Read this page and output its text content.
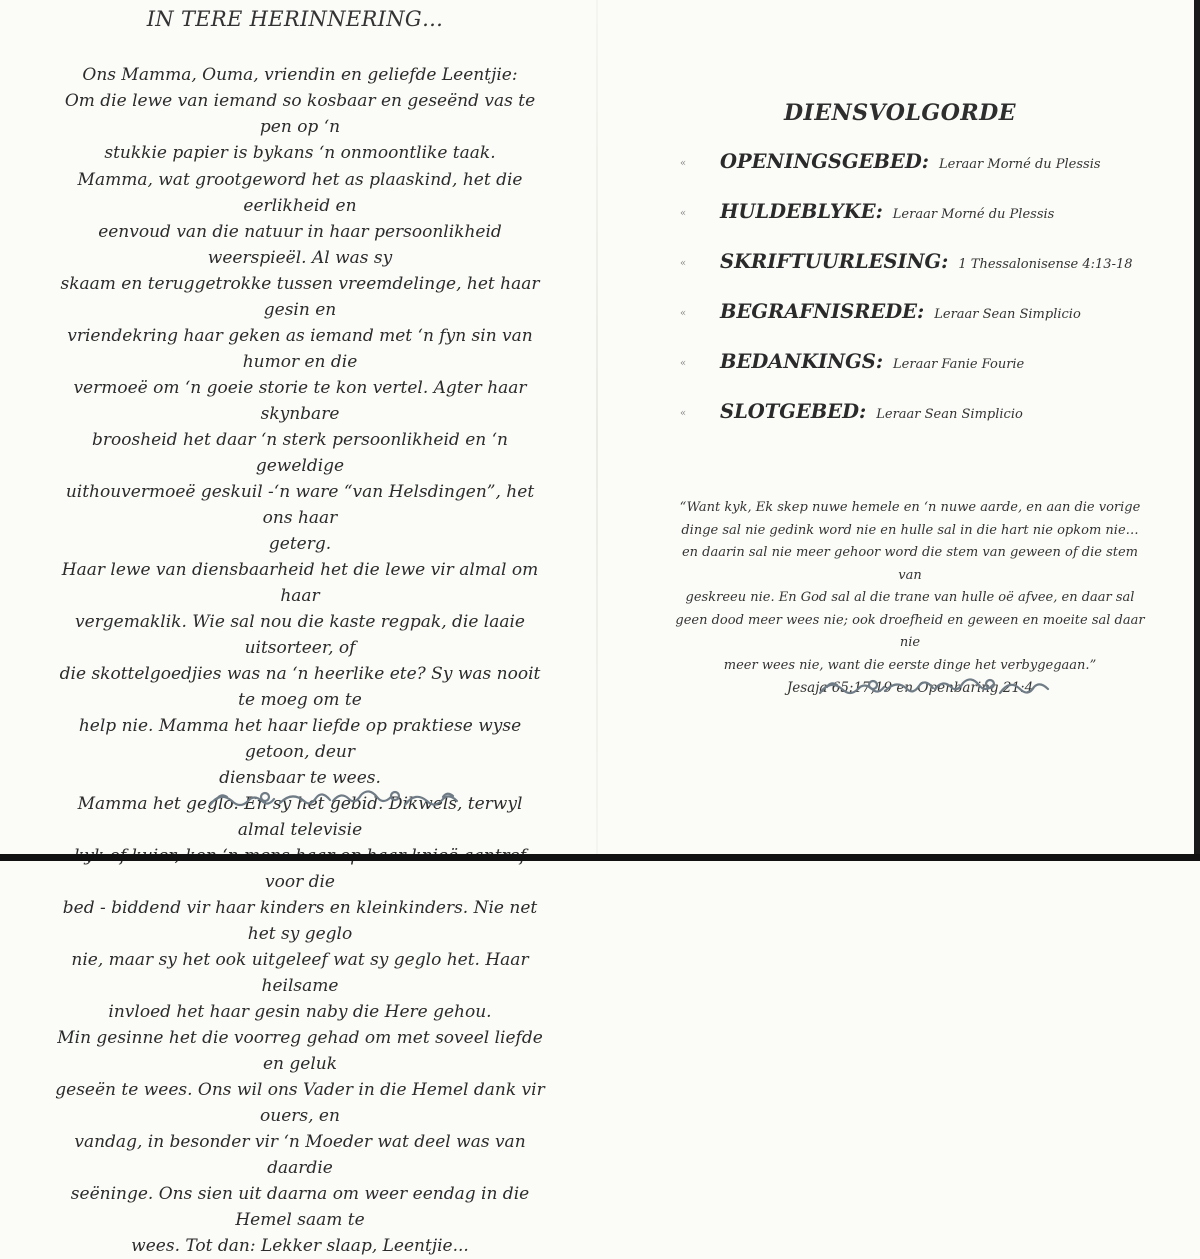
IN TERE HERINNERING…

Ons Mamma, Ouma, vriendin en geliefde Leentjie:

Om die lewe van iemand so kosbaar en geseënd vas te pen op ‘n

stukkie papier is bykans ‘n onmoontlike taak.

Mamma, wat grootgeword het as plaaskind, het die eerlikheid en

eenvoud van die natuur in haar persoonlikheid weerspieël. Al was sy

skaam en teruggetrokke tussen vreemdelinge, het haar gesin en

vriendekring haar geken as iemand met ‘n fyn sin van humor en die

vermoeë om ‘n goeie storie te kon vertel. Agter haar skynbare

broosheid het daar ‘n sterk persoonlikheid en ‘n geweldige

uithouvermoeë geskuil -‘n ware “van Helsdingen”, het ons haar

geterg.

Haar lewe van diensbaarheid het die lewe vir almal om haar

vergemaklik. Wie sal nou die kaste regpak, die laaie uitsorteer, of

die skottelgoedjies was na ‘n heerlike ete? Sy was nooit te moeg om te

help nie. Mamma het haar liefde op praktiese wyse getoon, deur

diensbaar te wees.

Mamma het geglo. En sy het gebid. Dikwels, terwyl almal televisie

voor die

bed - biddend vir haar kinders en kleinkinders. Nie net het sy geglo

nie, maar sy het ook uitgeleef wat sy geglo het. Haar heilsame

invloed het haar gesin naby die Here gehou.

Min gesinne het die voorreg gehad om met soveel liefde en geluk

geseën te wees. Ons wil ons Vader in die Hemel dank vir ouers, en

vandag, in besonder vir ‘n Moeder wat deel was van daardie

seëninge. Ons sien uit daarna om weer eendag in die Hemel saam te

wees. Tot dan: Lekker slaap, Leentjie...

DIENSVOLGORDE
« OPENINGSGEBED: Leraar Morné du Plessis
« HULDEBLYKE: Leraar Morné du Plessis
« SKRIFTUURLESING: 1 Thessalonisense 4:13-18
« BEGRAFNISREDE: Leraar Sean Simplicio
« BEDANKINGS: Leraar Fanie Fourie
« SLOTGEBED: Leraar Sean Simplicio

“Want kyk, Ek skep nuwe hemele en ‘n nuwe aarde, en aan die vorige

dinge sal nie gedink word nie en hulle sal in die hart nie opkom nie…

en daarin sal nie meer gehoor word die stem van geween of die stem van

geskreeu nie. En God sal al die trane van hulle oë afvee, en daar sal

geen dood meer wees nie; ook droefheid en geween en moeite sal daar nie

meer wees nie, want die eerste dinge het verbygegaan.”

Jesaja 65:17,19 en Openbaring 21:4
